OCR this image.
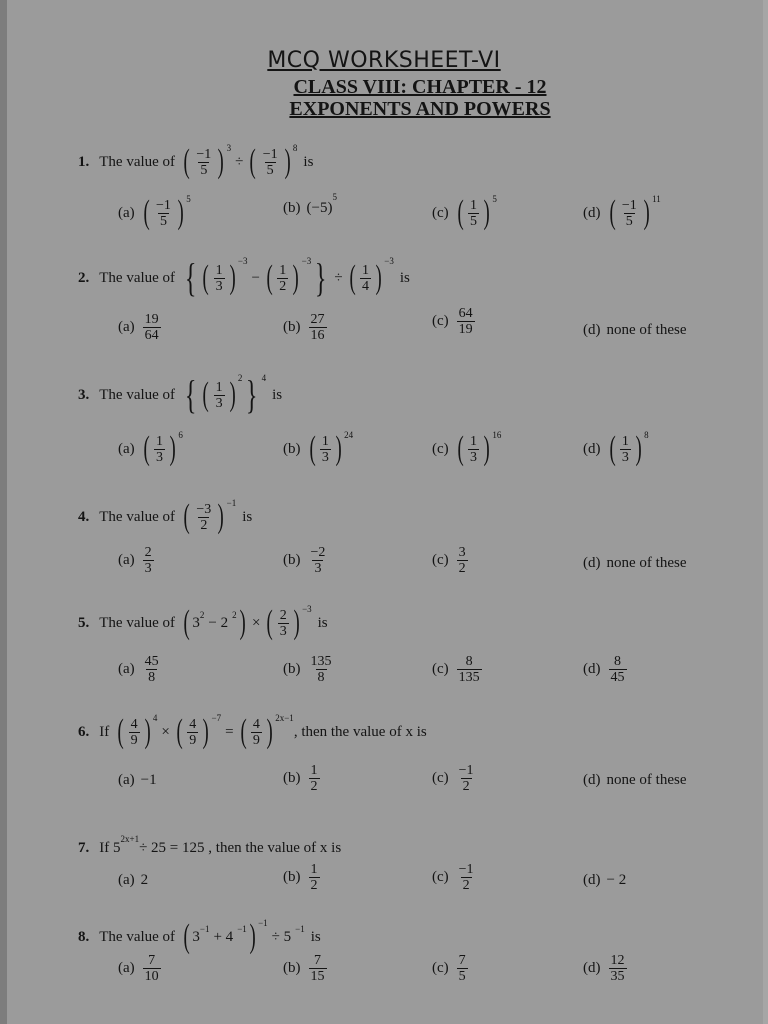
MCQ WORKSHEET-VI
CLASS VIII: CHAPTER - 12
EXPONENTS AND POWERS
1. The value of ( $\frac{-1}{5}$ ) 3
÷ ( $\frac{-1}{5}$ ) 8
is
(a) ( $\frac{-1}{5}$ ) 5
(b) (−5)
5
(c) ( $\frac{1}{5}$ ) 5
(d) ( $\frac{-1}{5}$ ) 11
2. The value of { ( $\frac{1}{3}$ ) −3
− ( $\frac{1}{2}$ ) −3 } ÷ ( $\frac{1}{4}$ ) −3
is
$(a) \frac{19}{64}$	$(b) \frac{27}{16}$	$(c) \frac{64}{19}$	(d) none of these
3. The value of { ( $\frac{1}{3}$ ) 2 } 4
is
(a) ( $\frac{1}{3}$ ) 6
(b) ( $\frac{1}{3}$ ) 24
(c) ( $\frac{1}{3}$ ) 16
(d) ( $\frac{1}{3}$ ) 8
4. The value of ( $\frac{-3}{2}$ ) −1
is
$(a) \frac{2}{3}$	$(b) \frac{-2}{3}$	$(c) \frac{3}{2}$	(d) none of these
5. The value of ( 3 2 − 2 2 ) × ( $\frac{2}{3}$ ) −3
is
$(a) \frac{45}{8}$	$(b) \frac{135}{8}$	$(c) \frac{8}{135}$	$(d) \frac{8}{45}$
6. If ( $\frac{4}{9}$ ) 4
× ( $\frac{4}{9}$ ) −7
= ( $\frac{4}{9}$ ) 2x−1
, then the value of x is
(a) −1	$(b) \frac{1}{2}$	$(c) \frac{-1}{2}$	(d) none of these
7. If 5
2x+1
÷ 25 = 125 , then the value of x is
(a) 2	$(b) \frac{1}{2}$	$(c) \frac{-1}{2}$	(d) − 2
8. The value of ( 3 −1 + 4 −1 ) −1
÷ 5 −1 is
$(a) \frac{7}{10}$	$(b) \frac{7}{15}$	$(c) \frac{7}{5}$	$(d) \frac{12}{35}$
